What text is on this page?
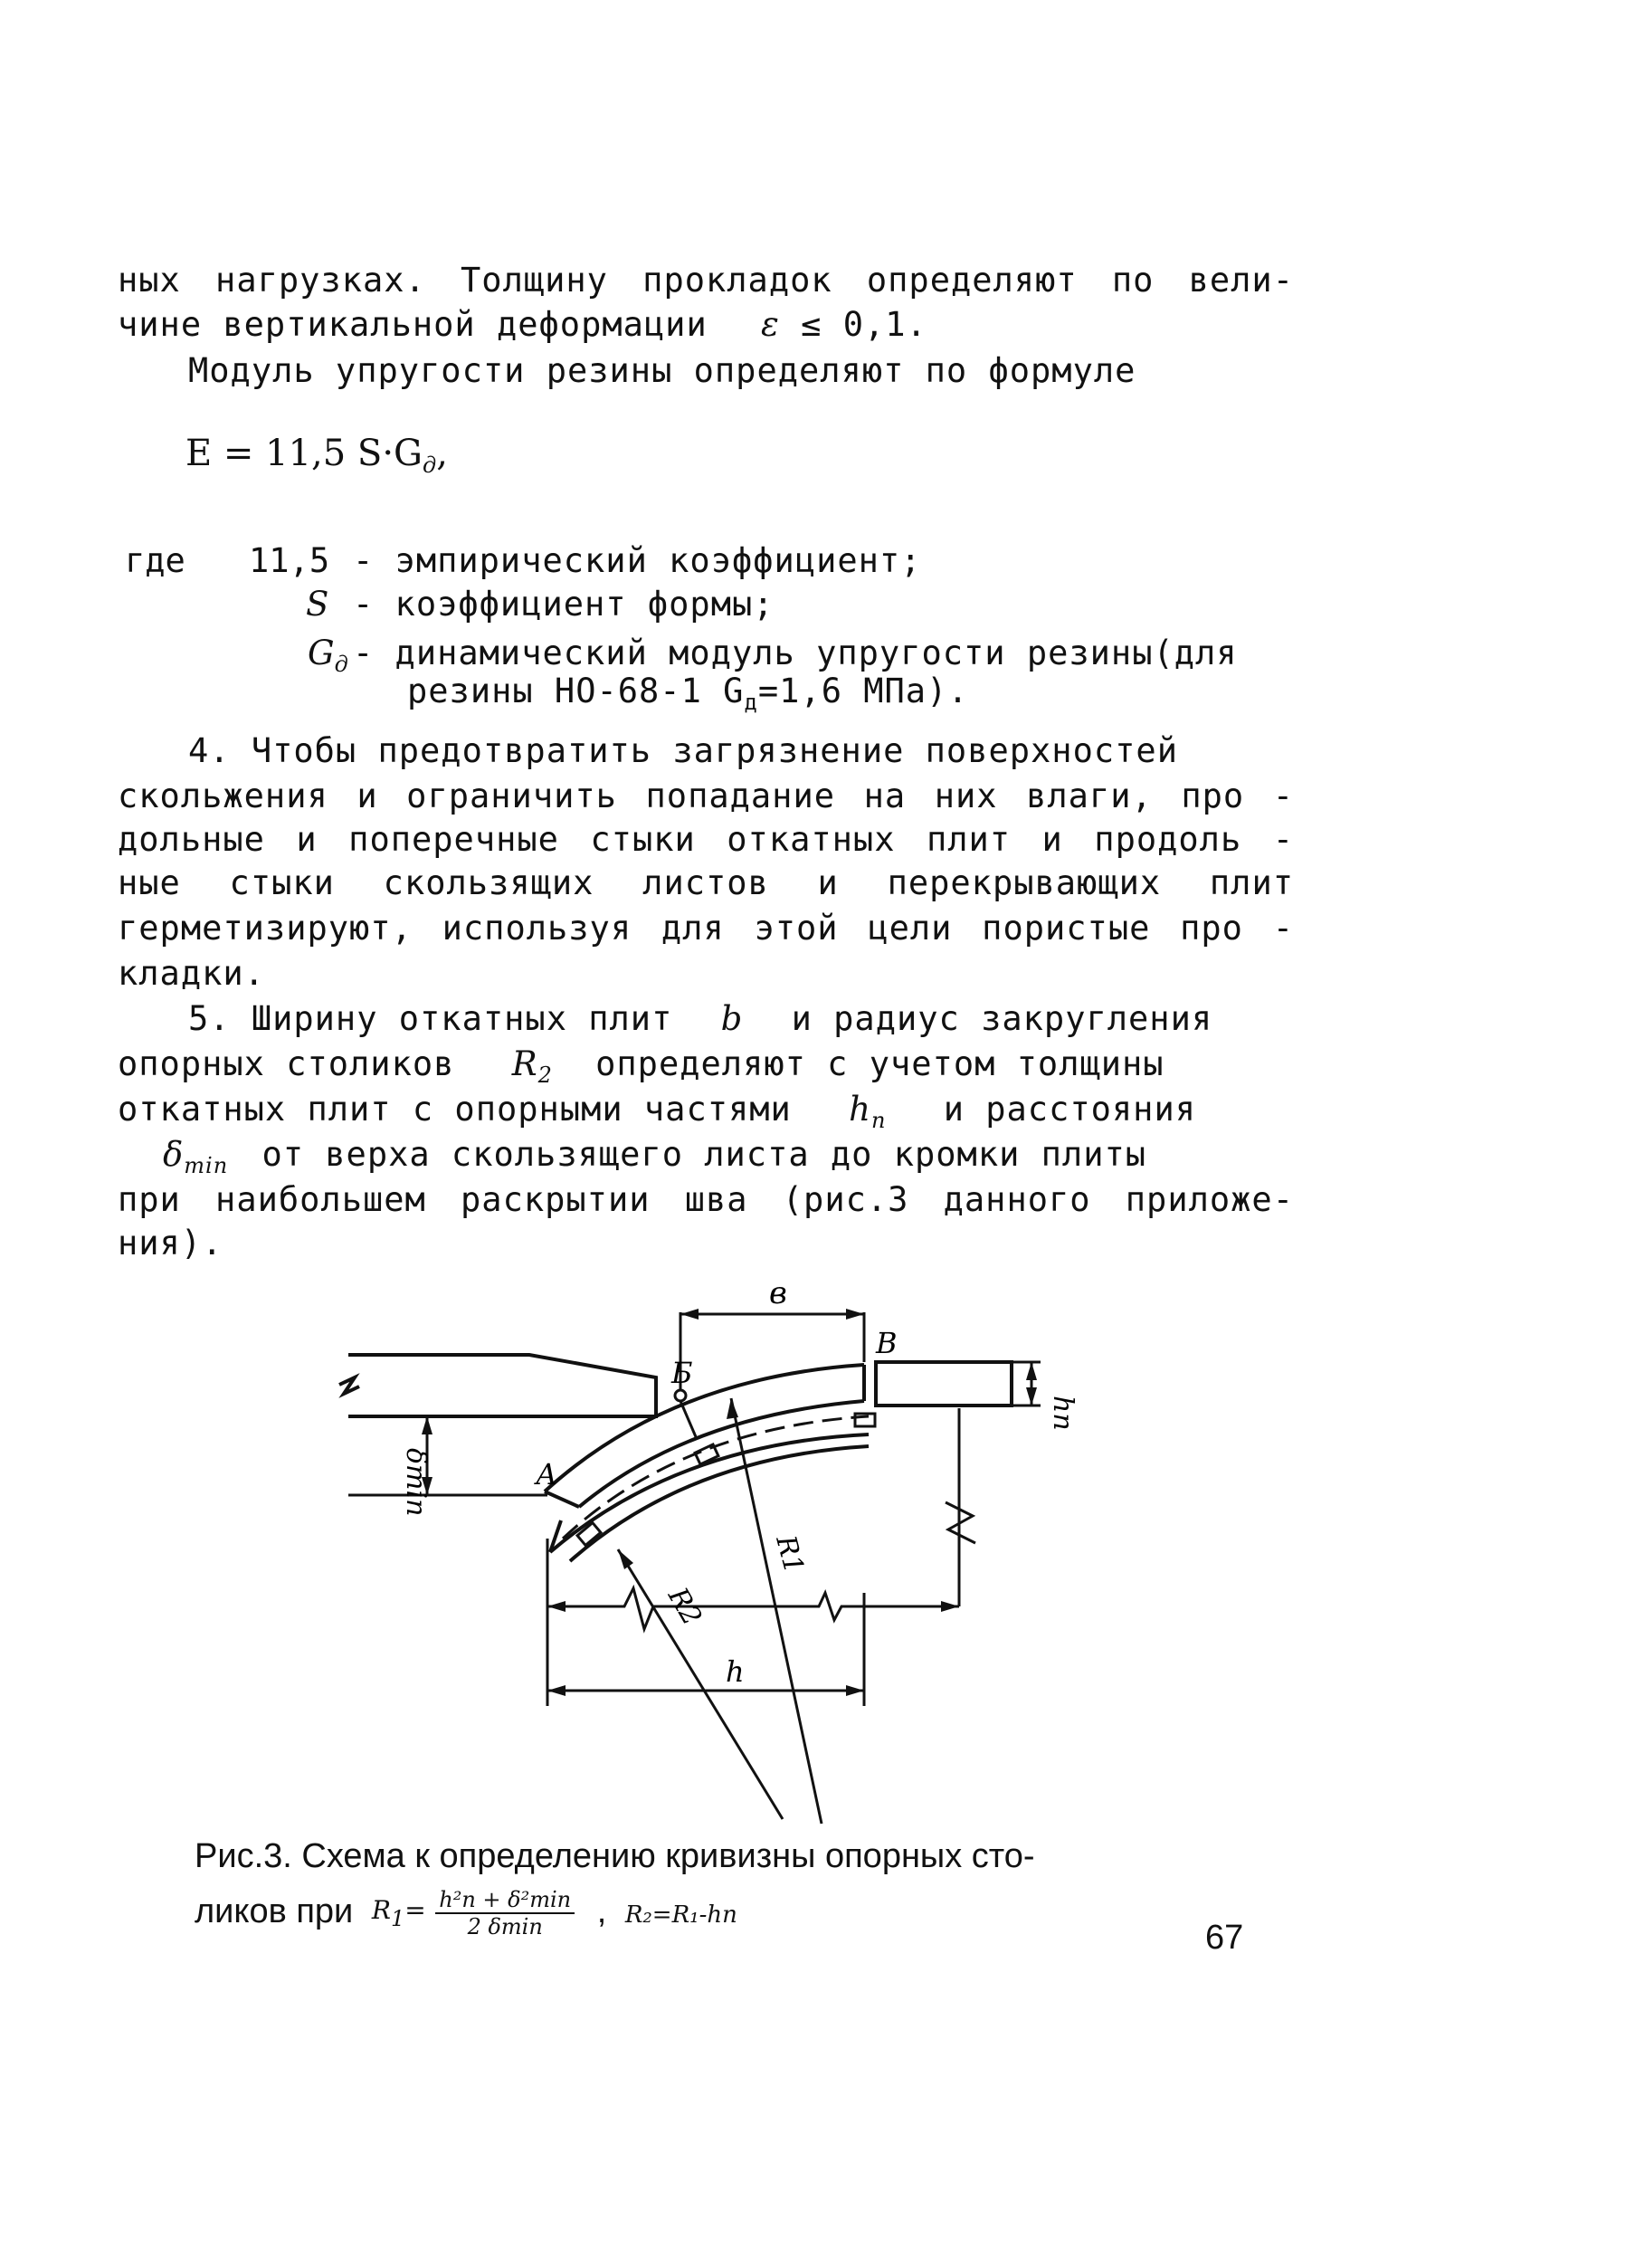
ных нагрузках. Толщину прокладок определяют по вели-
чине вертикальной деформации ε ≤ 0,1.
Модуль упругости резины определяют по формуле
E = 11,5 $S\cdot G_д$,
где 11,5 - эмпирический коэффициент;
S - коэффициент формы;
$G_д$ - динамический модуль упругости резины(для
резины НО-68-1 $G_д=1,6$ МПа).
4. Чтобы предотвратить загрязнение поверхностей
скольжения и ограничить попадание на них влаги, про -
дольные и поперечные стыки откатных плит и продоль -
ные стыки скользящих листов и перекрывающих плит
герметизируют, используя для этой цели пористые про -
кладки.
5. Ширину откатных плит b и радиус закругления
опорных столиков $R_2$ определяют с учетом толщины
откатных плит с опорными частями $h_п$ и расстояния
$\delta_{min}$ от верха скользящего листа до кромки плиты
при наибольшем раскрытии шва (рис.3 данного приложе-
ния).
в
В
Б
А
hп
δmin
R1
R2
h
Рис.3. Схема к определению кривизны опорных сто-
ликов при R1= h²п + δ²min
2 δmin	, R₂=R₁-hп
67
